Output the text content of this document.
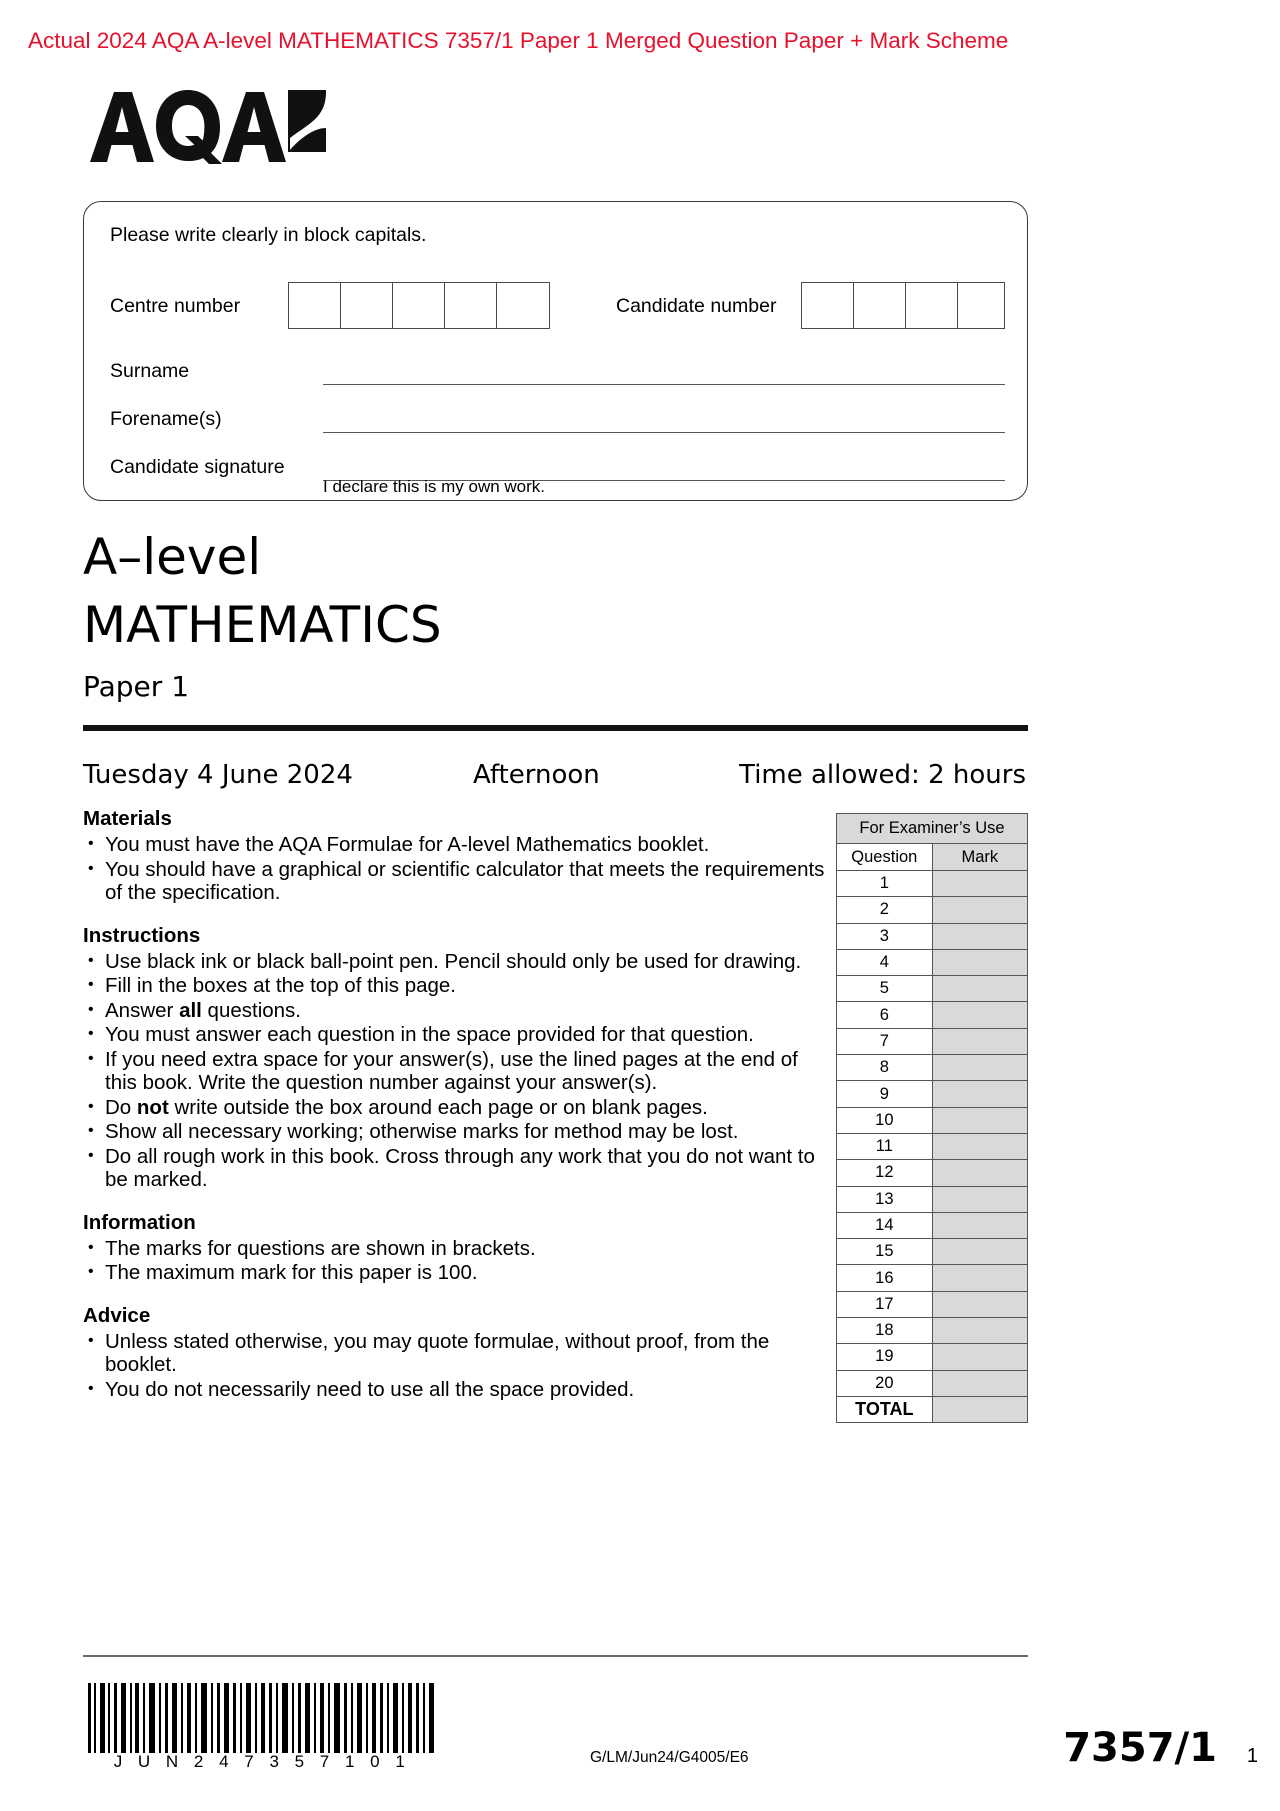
Actual 2024 AQA A-level MATHEMATICS 7357/1 Paper 1 Merged Question Paper + Mark Scheme
Please write clearly in block capitals.
Centre number	Candidate number
Surname
Forename(s)
Candidate signature
I declare this is my own work.
A–level
MATHEMATICS
Paper 1
Tuesday 4 June 2024	Afternoon	Time allowed: 2 hours
Materials
• You must have the AQA Formulae for A-level Mathematics booklet.
• You should have a graphical or scientific calculator that meets the requirements of the specification.
Instructions
• Use black ink or black ball-point pen. Pencil should only be used for drawing.
• Fill in the boxes at the top of this page.
• Answer all questions.
• You must answer each question in the space provided for that question.
• If you need extra space for your answer(s), use the lined pages at the end of this book. Write the question number against your answer(s).
• Do not write outside the box around each page or on blank pages.
• Show all necessary working; otherwise marks for method may be lost.
• Do all rough work in this book. Cross through any work that you do not want to be marked.
Information
• The marks for questions are shown in brackets.
• The maximum mark for this paper is 100.
Advice
• Unless stated otherwise, you may quote formulae, without proof, from the booklet.
• You do not necessarily need to use all the space provided.
For Examiner’s Use	
Question	Mark
1	
2	
3	
4	
5	
6	
7	
8	
9	
10	
11	
12	
13	
14	
15	
16	
17	
18	
19	
20	
TOTAL	
J U N 2 4 7 3 5 7 1 0 1	G/LM/Jun24/G4005/E6	7357/1 1
